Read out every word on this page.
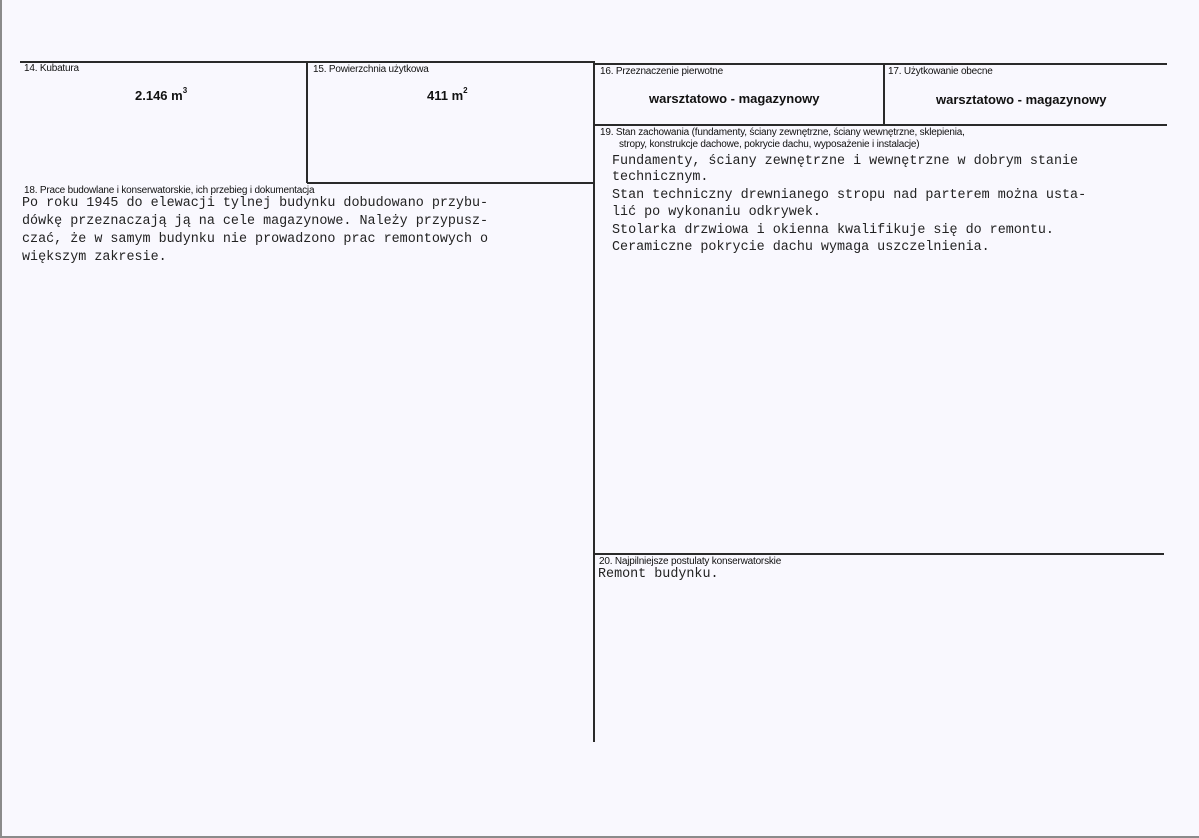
14. Kubatura
2.146 $m^3$
15. Powierzchnia użytkowa
411 $m^2$
16. Przeznaczenie pierwotne
warsztatowo - magazynowy
17. Użytkowanie obecne
warsztatowo - magazynowy
18. Prace budowlane i konserwatorskie, ich przebieg i dokumentacja
Po roku 1945 do elewacji tylnej budynku dobudowano przybu-
dówkę przeznaczają ją na cele magazynowe. Należy przypusz-
czać, że w samym budynku nie prowadzono prac remontowych o
większym zakresie.
19. Stan zachowania (fundamenty, ściany zewnętrzne, ściany wewnętrzne, sklepienia,
stropy, konstrukcje dachowe, pokrycie dachu, wyposażenie i instalacje)
Fundamenty, ściany zewnętrzne i wewnętrzne w dobrym stanie
technicznym.
Stan techniczny drewnianego stropu nad parterem można usta-
lić po wykonaniu odkrywek.
Stolarka drzwiowa i okienna kwalifikuje się do remontu.
Ceramiczne pokrycie dachu wymaga uszczelnienia.
20. Najpilniejsze postulaty konserwatorskie
Remont budynku.
